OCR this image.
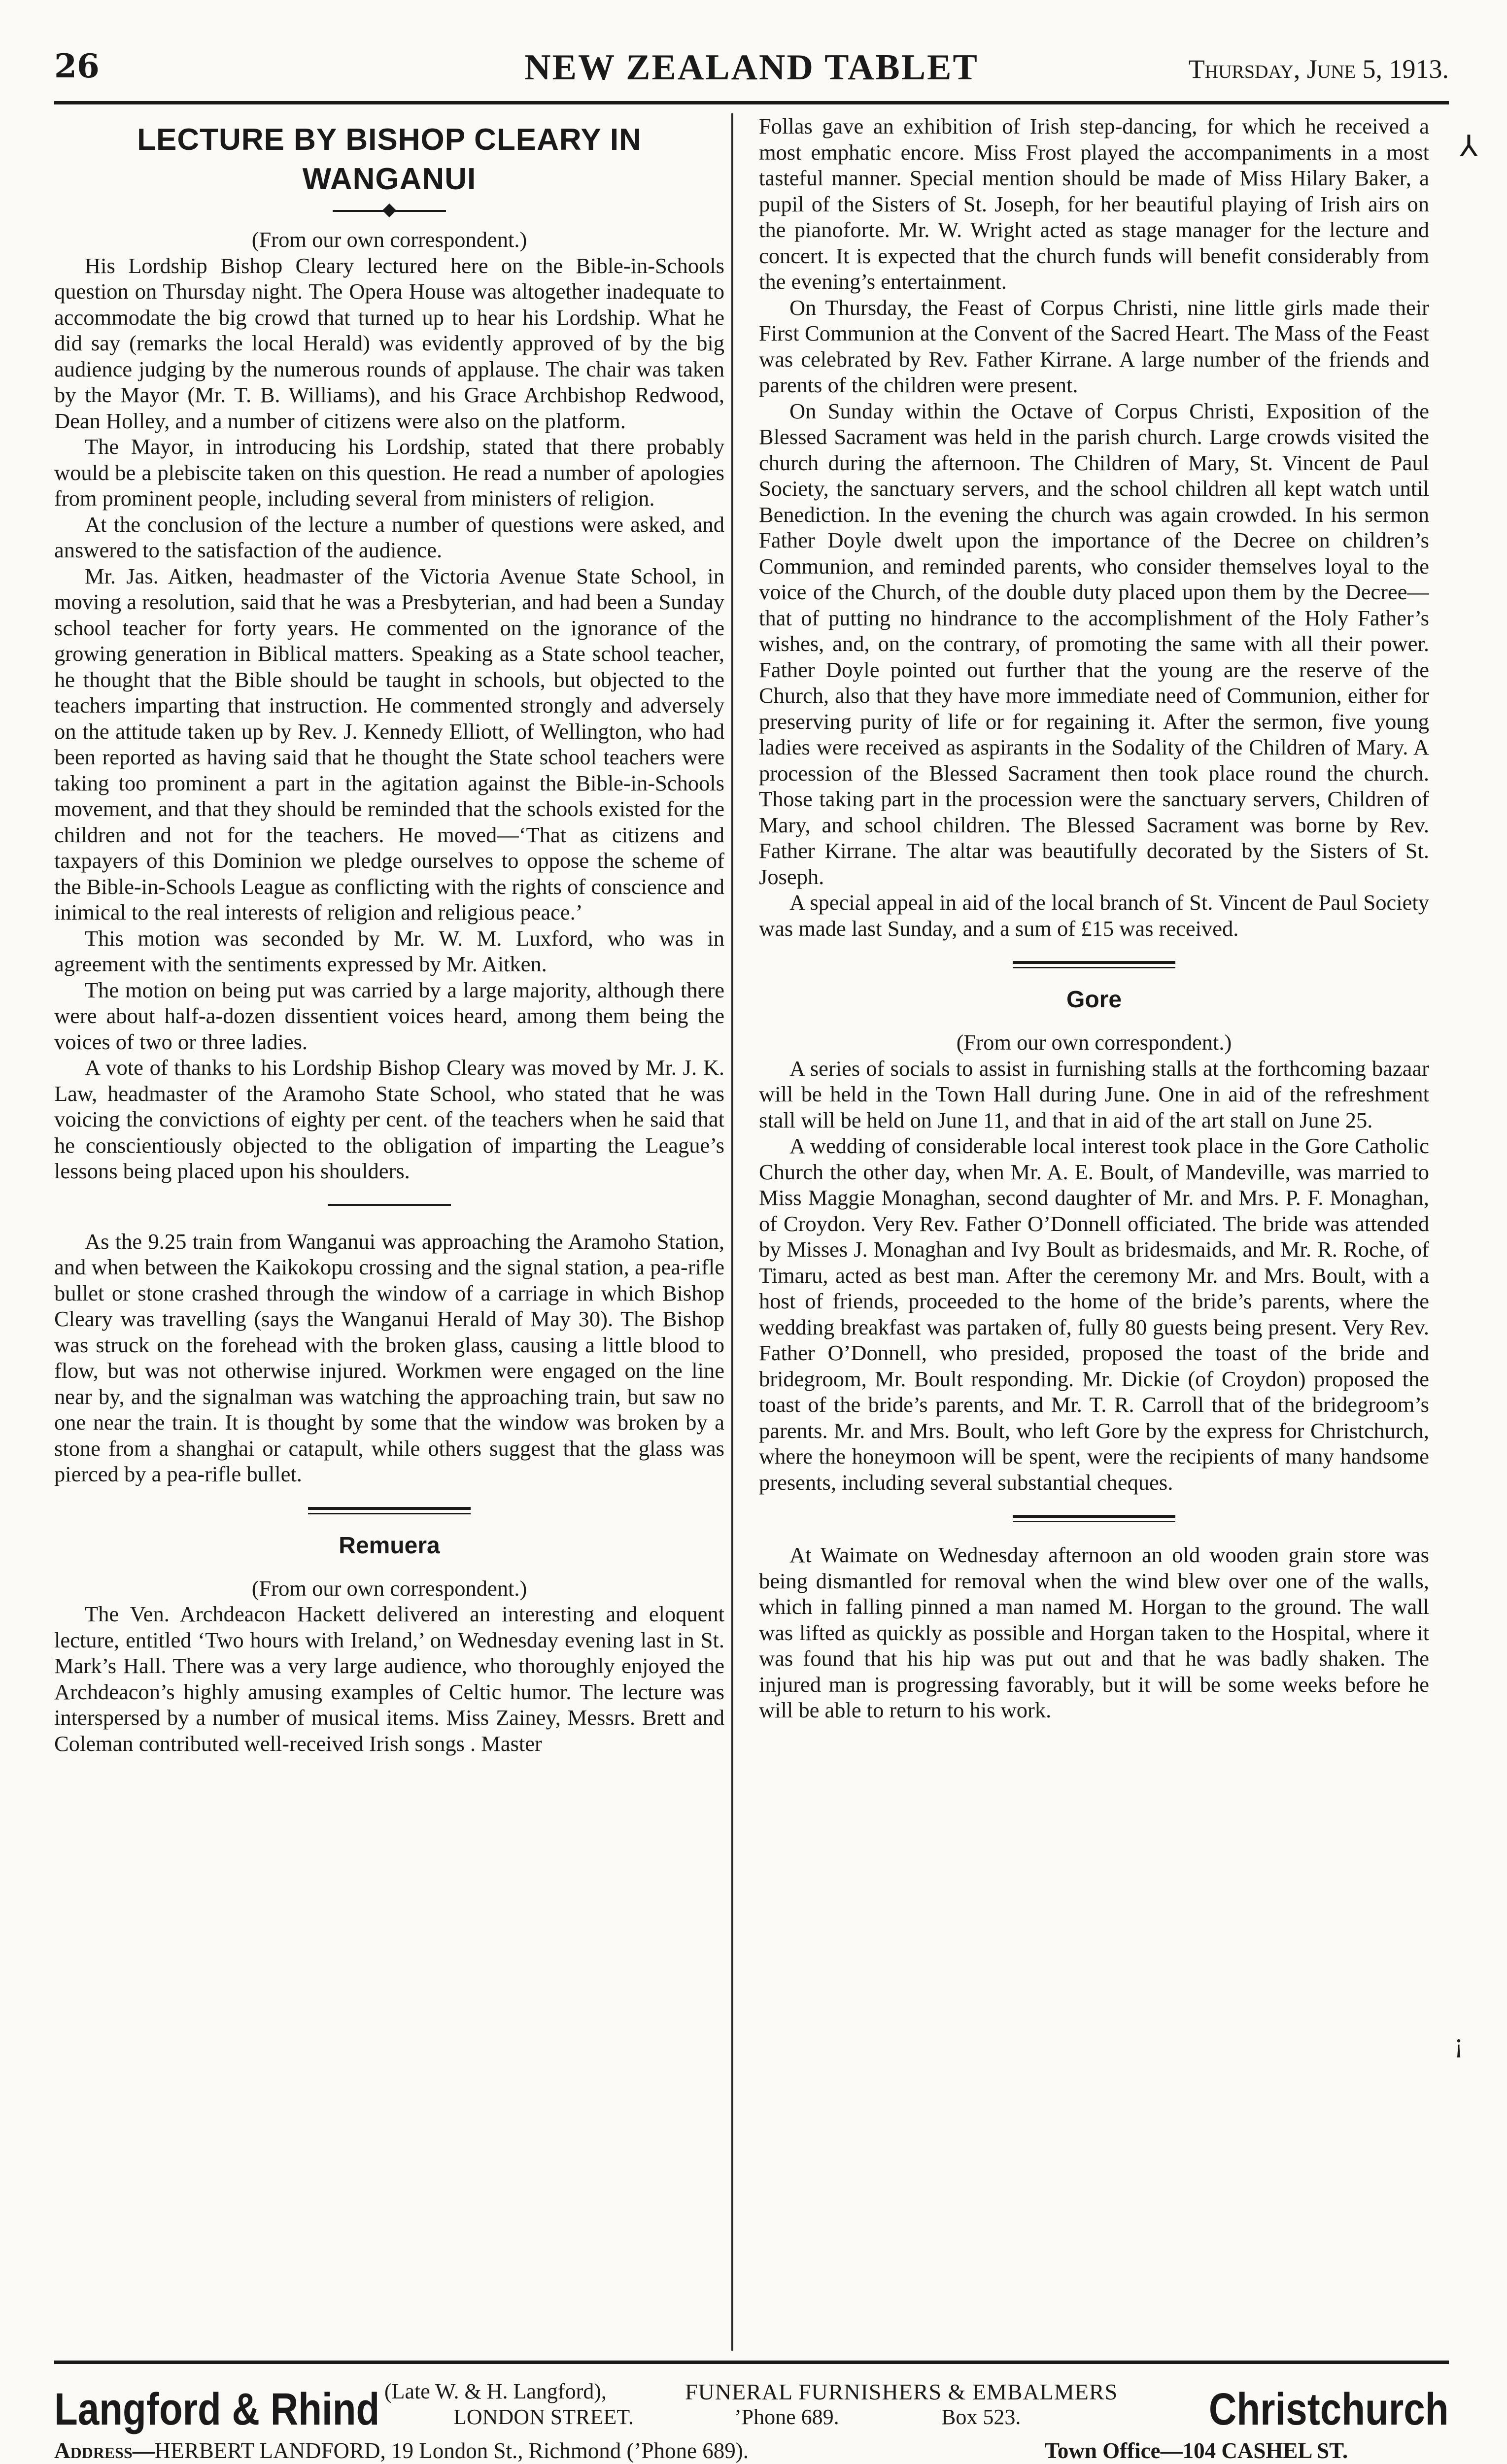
26	NEW ZEALAND TABLET	Thursday, June 5, 1913.
LECTURE BY BISHOP CLEARY IN WANGANUI

(From our own correspondent.)

His Lordship Bishop Cleary lectured here on the Bible-in-Schools question on Thursday night. The Opera House was altogether inadequate to accommodate the big crowd that turned up to hear his Lordship. What he did say (remarks the local Herald) was evidently approved of by the big audience judging by the numerous rounds of applause. The chair was taken by the Mayor (Mr. T. B. Williams), and his Grace Archbishop Redwood, Dean Holley, and a number of citizens were also on the platform.

The Mayor, in introducing his Lordship, stated that there probably would be a plebiscite taken on this question. He read a number of apologies from prominent people, including several from ministers of religion.

At the conclusion of the lecture a number of questions were asked, and answered to the satisfaction of the audience.

Mr. Jas. Aitken, headmaster of the Victoria Avenue State School, in moving a resolution, said that he was a Presbyterian, and had been a Sunday school teacher for forty years. He commented on the ignorance of the growing generation in Biblical matters. Speaking as a State school teacher, he thought that the Bible should be taught in schools, but objected to the teachers imparting that instruction. He commented strongly and adversely on the attitude taken up by Rev. J. Kennedy Elliott, of Wellington, who had been reported as having said that he thought the State school teachers were taking too prominent a part in the agitation against the Bible-in-Schools movement, and that they should be reminded that the schools existed for the children and not for the teachers. He moved—‘That as citizens and taxpayers of this Dominion we pledge ourselves to oppose the scheme of the Bible-in-Schools League as conflicting with the rights of conscience and inimical to the real interests of religion and religious peace.’

This motion was seconded by Mr. W. M. Luxford, who was in agreement with the sentiments expressed by Mr. Aitken.

The motion on being put was carried by a large majority, although there were about half-a-dozen dissentient voices heard, among them being the voices of two or three ladies.

A vote of thanks to his Lordship Bishop Cleary was moved by Mr. J. K. Law, headmaster of the Aramoho State School, who stated that he was voicing the convictions of eighty per cent. of the teachers when he said that he conscientiously objected to the obligation of imparting the League’s lessons being placed upon his shoulders.

As the 9.25 train from Wanganui was approaching the Aramoho Station, and when between the Kaikokopu crossing and the signal station, a pea-rifle bullet or stone crashed through the window of a carriage in which Bishop Cleary was travelling (says the Wanganui Herald of May 30). The Bishop was struck on the forehead with the broken glass, causing a little blood to flow, but was not otherwise injured. Workmen were engaged on the line near by, and the signalman was watching the approaching train, but saw no one near the train. It is thought by some that the window was broken by a stone from a shanghai or catapult, while others suggest that the glass was pierced by a pea-rifle bullet.

Remuera

(From our own correspondent.)

The Ven. Archdeacon Hackett delivered an interesting and eloquent lecture, entitled ‘Two hours with Ireland,’ on Wednesday evening last in St. Mark’s Hall. There was a very large audience, who thoroughly enjoyed the Archdeacon’s highly amusing examples of Celtic humor. The lecture was interspersed by a number of musical items. Miss Zainey, Messrs. Brett and Coleman contributed well-received Irish songs . Master

Follas gave an exhibition of Irish step-dancing, for which he received a most emphatic encore. Miss Frost played the accompaniments in a most tasteful manner. Special mention should be made of Miss Hilary Baker, a pupil of the Sisters of St. Joseph, for her beautiful playing of Irish airs on the pianoforte. Mr. W. Wright acted as stage manager for the lecture and concert. It is expected that the church funds will benefit considerably from the evening’s entertainment.

On Thursday, the Feast of Corpus Christi, nine little girls made their First Communion at the Convent of the Sacred Heart. The Mass of the Feast was celebrated by Rev. Father Kirrane. A large number of the friends and parents of the children were present.

On Sunday within the Octave of Corpus Christi, Exposition of the Blessed Sacrament was held in the parish church. Large crowds visited the church during the afternoon. The Children of Mary, St. Vincent de Paul Society, the sanctuary servers, and the school children all kept watch until Benediction. In the evening the church was again crowded. In his sermon Father Doyle dwelt upon the importance of the Decree on children’s Communion, and reminded parents, who consider themselves loyal to the voice of the Church, of the double duty placed upon them by the Decree—that of putting no hindrance to the accomplishment of the Holy Father’s wishes, and, on the contrary, of promoting the same with all their power. Father Doyle pointed out further that the young are the reserve of the Church, also that they have more immediate need of Communion, either for preserving purity of life or for regaining it. After the sermon, five young ladies were received as aspirants in the Sodality of the Children of Mary. A procession of the Blessed Sacrament then took place round the church. Those taking part in the procession were the sanctuary servers, Children of Mary, and school children. The Blessed Sacrament was borne by Rev. Father Kirrane. The altar was beautifully decorated by the Sisters of St. Joseph.

A special appeal in aid of the local branch of St. Vincent de Paul Society was made last Sunday, and a sum of £15 was received.

Gore

(From our own correspondent.)

A series of socials to assist in furnishing stalls at the forthcoming bazaar will be held in the Town Hall during June. One in aid of the refreshment stall will be held on June 11, and that in aid of the art stall on June 25.

A wedding of considerable local interest took place in the Gore Catholic Church the other day, when Mr. A. E. Boult, of Mandeville, was married to Miss Maggie Monaghan, second daughter of Mr. and Mrs. P. F. Monaghan, of Croydon. Very Rev. Father O’Donnell officiated. The bride was attended by Misses J. Monaghan and Ivy Boult as bridesmaids, and Mr. R. Roche, of Timaru, acted as best man. After the ceremony Mr. and Mrs. Boult, with a host of friends, proceeded to the home of the bride’s parents, where the wedding breakfast was partaken of, fully 80 guests being present. Very Rev. Father O’Donnell, who presided, proposed the toast of the bride and bridegroom, Mr. Boult responding. Mr. Dickie (of Croydon) proposed the toast of the bride’s parents, and Mr. T. R. Carroll that of the bridegroom’s parents. Mr. and Mrs. Boult, who left Gore by the express for Christchurch, where the honeymoon will be spent, were the recipients of many handsome presents, including several substantial cheques.

At Waimate on Wednesday afternoon an old wooden grain store was being dismantled for removal when the wind blew over one of the walls, which in falling pinned a man named M. Horgan to the ground. The wall was lifted as quickly as possible and Horgan taken to the Hospital, where it was found that his hip was put out and that he was badly shaken. The injured man is progressing favorably, but it will be some weeks before he will be able to return to his work.

Langford & Rhind (Late W. & H. Langford),	FUNERAL FURNISHERS & EMBALMERS
LONDON STREET.	’Phone 689.	Box 523.	Christchurch
Address—HERBERT LANDFORD, 19 London St., Richmond (’Phone 689).	Town Office—104 CASHEL ST.
⅄
¡
